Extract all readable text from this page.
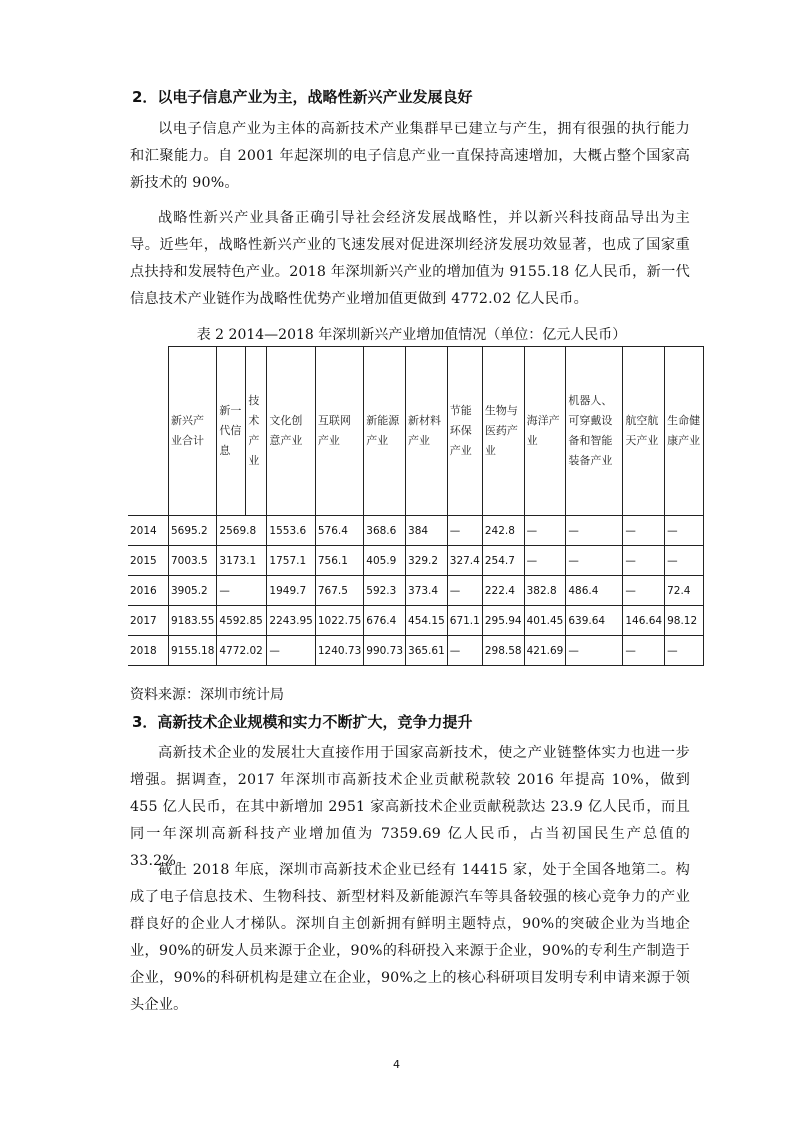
2．以电子信息产业为主，战略性新兴产业发展良好

以电子信息产业为主体的高新技术产业集群早已建立与产生，拥有很强的执行能力和汇聚能力。自 2001 年起深圳的电子信息产业一直保持高速增加，大概占整个国家高新技术的 90%。

战略性新兴产业具备正确引导社会经济发展战略性，并以新兴科技商品导出为主导。近些年，战略性新兴产业的飞速发展对促进深圳经济发展功效显著，也成了国家重点扶持和发展特色产业。2018 年深圳新兴产业的增加值为 9155.18 亿人民币，新一代信息技术产业链作为战略性优势产业增加值更做到 4772.02 亿人民币。

表 2 2014—2018 年深圳新兴产业增加值情况（单位：亿元人民币）
	新兴产业合计	新一代信息	技术产业	文化创意产业	互联网产业	新能源产业	新材料产业	节能环保产业	生物与医药产业	海洋产业	机器人、可穿戴设备和智能装备产业	航空航天产业	生命健康产业
2014	5695.2	2569.8		1553.6	576.4	368.6	384	—	242.8	—	—	—	—
2015	7003.5	3173.1		1757.1	756.1	405.9	329.2	327.4	254.7	—	—	—	—
2016	3905.2	—		1949.7	767.5	592.3	373.4	—	222.4	382.8	486.4	—	72.4
2017	9183.55	4592.85		2243.95	1022.75	676.4	454.15	671.1	295.94	401.45	639.64	146.64	98.12
2018	9155.18	4772.02		—	1240.73	990.73	365.61	—	298.58	421.69	—	—	—
资料来源：深圳市统计局
3．高新技术企业规模和实力不断扩大，竞争力提升

高新技术企业的发展壮大直接作用于国家高新技术，使之产业链整体实力也进一步增强。据调查，2017 年深圳市高新技术企业贡献税款较 2016 年提高 10%，做到 455 亿人民币，在其中新增加 2951 家高新技术企业贡献税款达 23.9 亿人民币，而且同一年深圳高新科技产业增加值为 7359.69 亿人民币，占当初国民生产总值的 33.2%。

截止 2018 年底，深圳市高新技术企业已经有 14415 家，处于全国各地第二。构成了电子信息技术、生物科技、新型材料及新能源汽车等具备较强的核心竞争力的产业群良好的企业人才梯队。深圳自主创新拥有鲜明主题特点，90%的突破企业为当地企业，90%的研发人员来源于企业，90%的科研投入来源于企业，90%的专利生产制造于企业，90%的科研机构是建立在企业，90%之上的核心科研项目发明专利申请来源于领头企业。

4
